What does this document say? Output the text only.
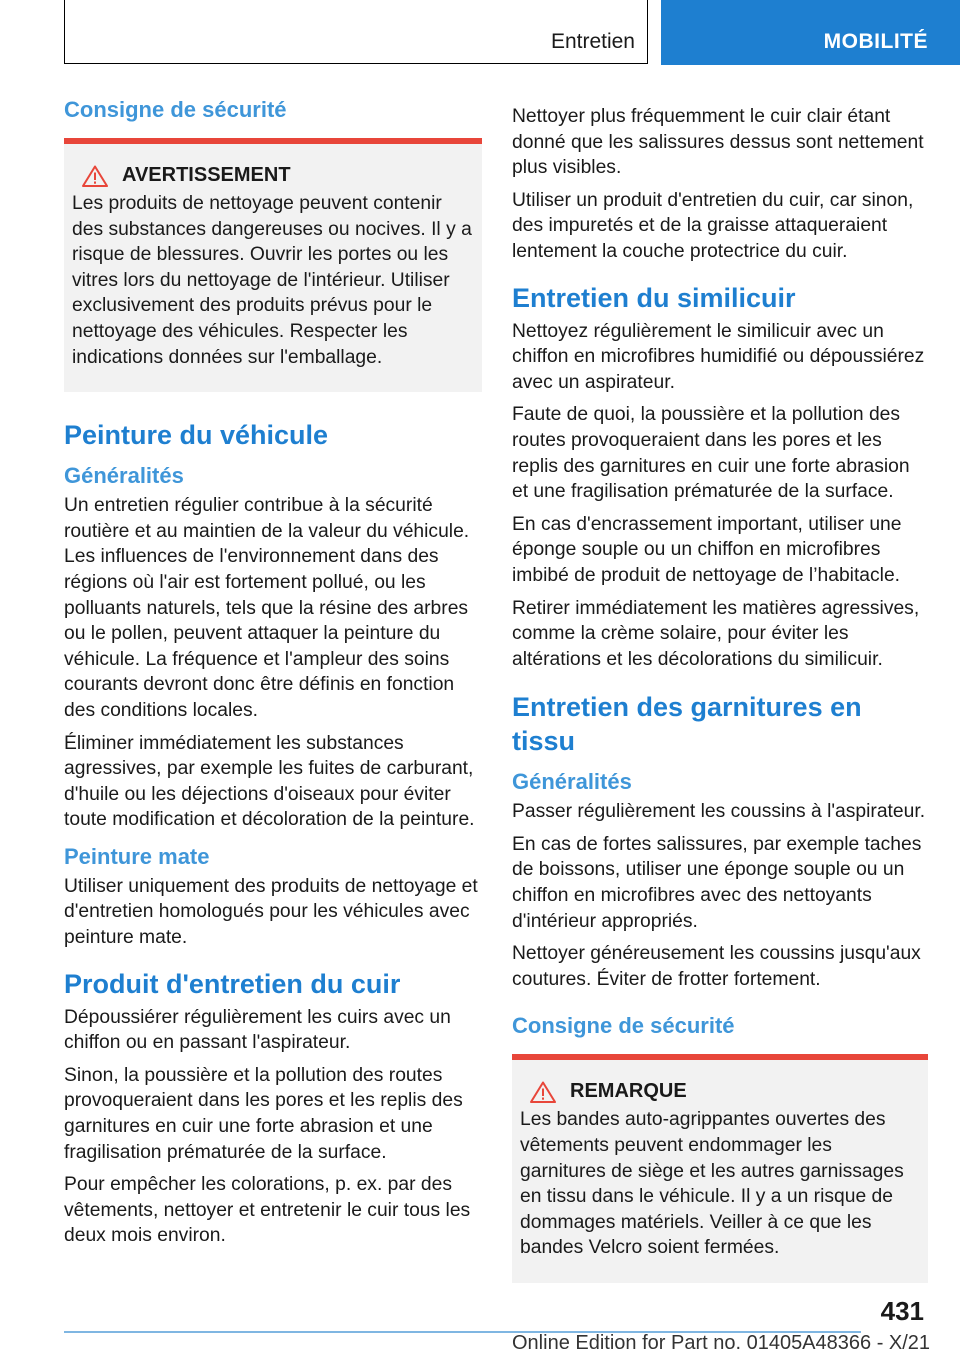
Entretien	MOBILITÉ
Consigne de sécurité
AVERTISSEMENT

Les produits de nettoyage peuvent contenir des substances dangereuses ou nocives. Il y a risque de blessures. Ouvrir les portes ou les vitres lors du nettoyage de l'intérieur. Utiliser exclusivement des produits prévus pour le nettoyage des véhicules. Respecter les indications données sur l'emballage.

Peinture du véhicule
Généralités

Un entretien régulier contribue à la sécurité routière et au maintien de la valeur du véhicule. Les influences de l'environnement dans des régions où l'air est fortement pollué, ou les polluants naturels, tels que la résine des arbres ou le pollen, peuvent attaquer la peinture du véhicule. La fréquence et l'ampleur des soins courants devront donc être définis en fonction des conditions locales.

Éliminer immédiatement les substances agressives, par exemple les fuites de carburant, d'huile ou les déjections d'oiseaux pour éviter toute modification et décoloration de la peinture.

Peinture mate

Utiliser uniquement des produits de nettoyage et d'entretien homologués pour les véhicules avec peinture mate.

Produit d'entretien du cuir

Dépoussiérer régulièrement les cuirs avec un chiffon ou en passant l'aspirateur.

Sinon, la poussière et la pollution des routes provoqueraient dans les pores et les replis des garnitures en cuir une forte abrasion et une fragilisation prématurée de la surface.

Pour empêcher les colorations, p. ex. par des vêtements, nettoyer et entretenir le cuir tous les deux mois environ.

Nettoyer plus fréquemment le cuir clair étant donné que les salissures dessus sont nettement plus visibles.

Utiliser un produit d'entretien du cuir, car sinon, des impuretés et de la graisse attaqueraient lentement la couche protectrice du cuir.

Entretien du similicuir

Nettoyez régulièrement le similicuir avec un chiffon en microfibres humidifié ou dépoussiérez avec un aspirateur.

Faute de quoi, la poussière et la pollution des routes provoqueraient dans les pores et les replis des garnitures en cuir une forte abrasion et une fragilisation prématurée de la surface.

En cas d'encrassement important, utiliser une éponge souple ou un chiffon en microfibres imbibé de produit de nettoyage de l’habitacle.

Retirer immédiatement les matières agressives, comme la crème solaire, pour éviter les altérations et les décolorations du similicuir.

Entretien des garnitures en tissu
Généralités

Passer régulièrement les coussins à l'aspirateur.

En cas de fortes salissures, par exemple taches de boissons, utiliser une éponge souple ou un chiffon en microfibres avec des nettoyants d'intérieur appropriés.

Nettoyer généreusement les coussins jusqu'aux coutures. Éviter de frotter fortement.

Consigne de sécurité
REMARQUE

Les bandes auto-agrippantes ouvertes des vêtements peuvent endommager les garnitures de siège et les autres garnissages en tissu dans le véhicule. Il y a un risque de dommages matériels. Veiller à ce que les bandes Velcro soient fermées.

431
Online Edition for Part no. 01405A48366 - X/21
